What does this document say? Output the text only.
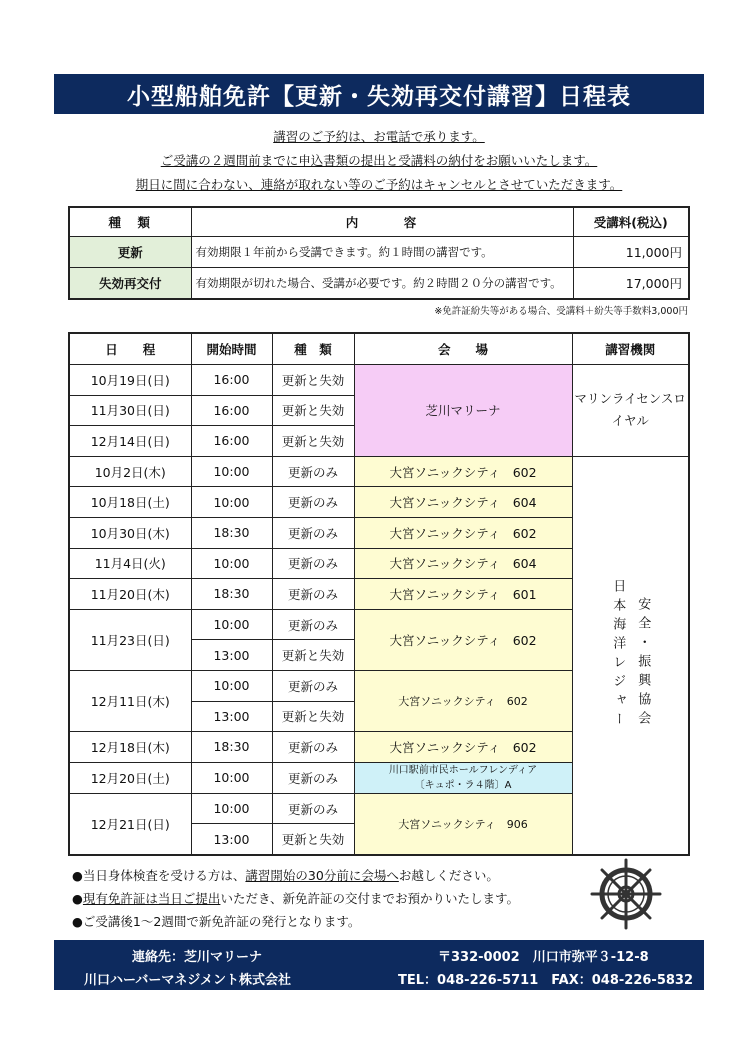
小型船舶免許【更新・失効再交付講習】日程表
講習のご予約は、お電話で承ります。
ご受講の２週間前までに申込書類の提出と受講料の納付をお願いいたします。
期日に間に合わない、連絡が取れない等のご予約はキャンセルとさせていただきます。
種　類	内　　　容	受講料(税込)
更新	有効期限１年前から受講できます。約１時間の講習です。	11,000円
失効再交付	有効期限が切れた場合、受講が必要です。約２時間２０分の講習です。	17,000円
※免許証紛失等がある場合、受講料＋紛失等手数料3,000円
日　　程	開始時間	種　類	会　　場	講習機関
10月19日(日)	16:00	更新と失効	芝川マリーナ	マリンライセンスロイヤル
11月30日(日)	16:00	更新と失効		
12月14日(日)	16:00	更新と失効		
10月2日(木)	10:00	更新のみ	大宮ソニックシティ　602	日本海洋レジャー 安全・振興協会

10月18日(土)	10:00	更新のみ	大宮ソニックシティ　604	
10月30日(木)	18:30	更新のみ	大宮ソニックシティ　602	
11月4日(火)	10:00	更新のみ	大宮ソニックシティ　604	
11月20日(木)	18:30	更新のみ	大宮ソニックシティ　601	
11月23日(日)	10:00	更新のみ	大宮ソニックシティ　602	
	13:00	更新と失効		
12月11日(木)	10:00	更新のみ	大宮ソニックシティ　602	
	13:00	更新と失効		
12月18日(木)	18:30	更新のみ	大宮ソニックシティ　602	
12月20日(土)	10:00	更新のみ	川口駅前市民ホールフレンディア
〔キュポ・ラ４階〕A	

12月21日(日)	10:00	更新のみ	大宮ソニックシティ　906	
	13:00	更新と失効		
●当日身体検査を受ける方は、講習開始の30分前に会場へお越しください。
●現有免許証は当日ご提出いただき、新免許証の交付までお預かりいたします。
●ご受講後1～2週間で新免許証の発行となります。
連絡先：芝川マリーナ	〒332-0002　川口市弥平３-12-8
川口ハーバーマネジメント株式会社	TEL：048-226-5711　FAX：048-226-5832
